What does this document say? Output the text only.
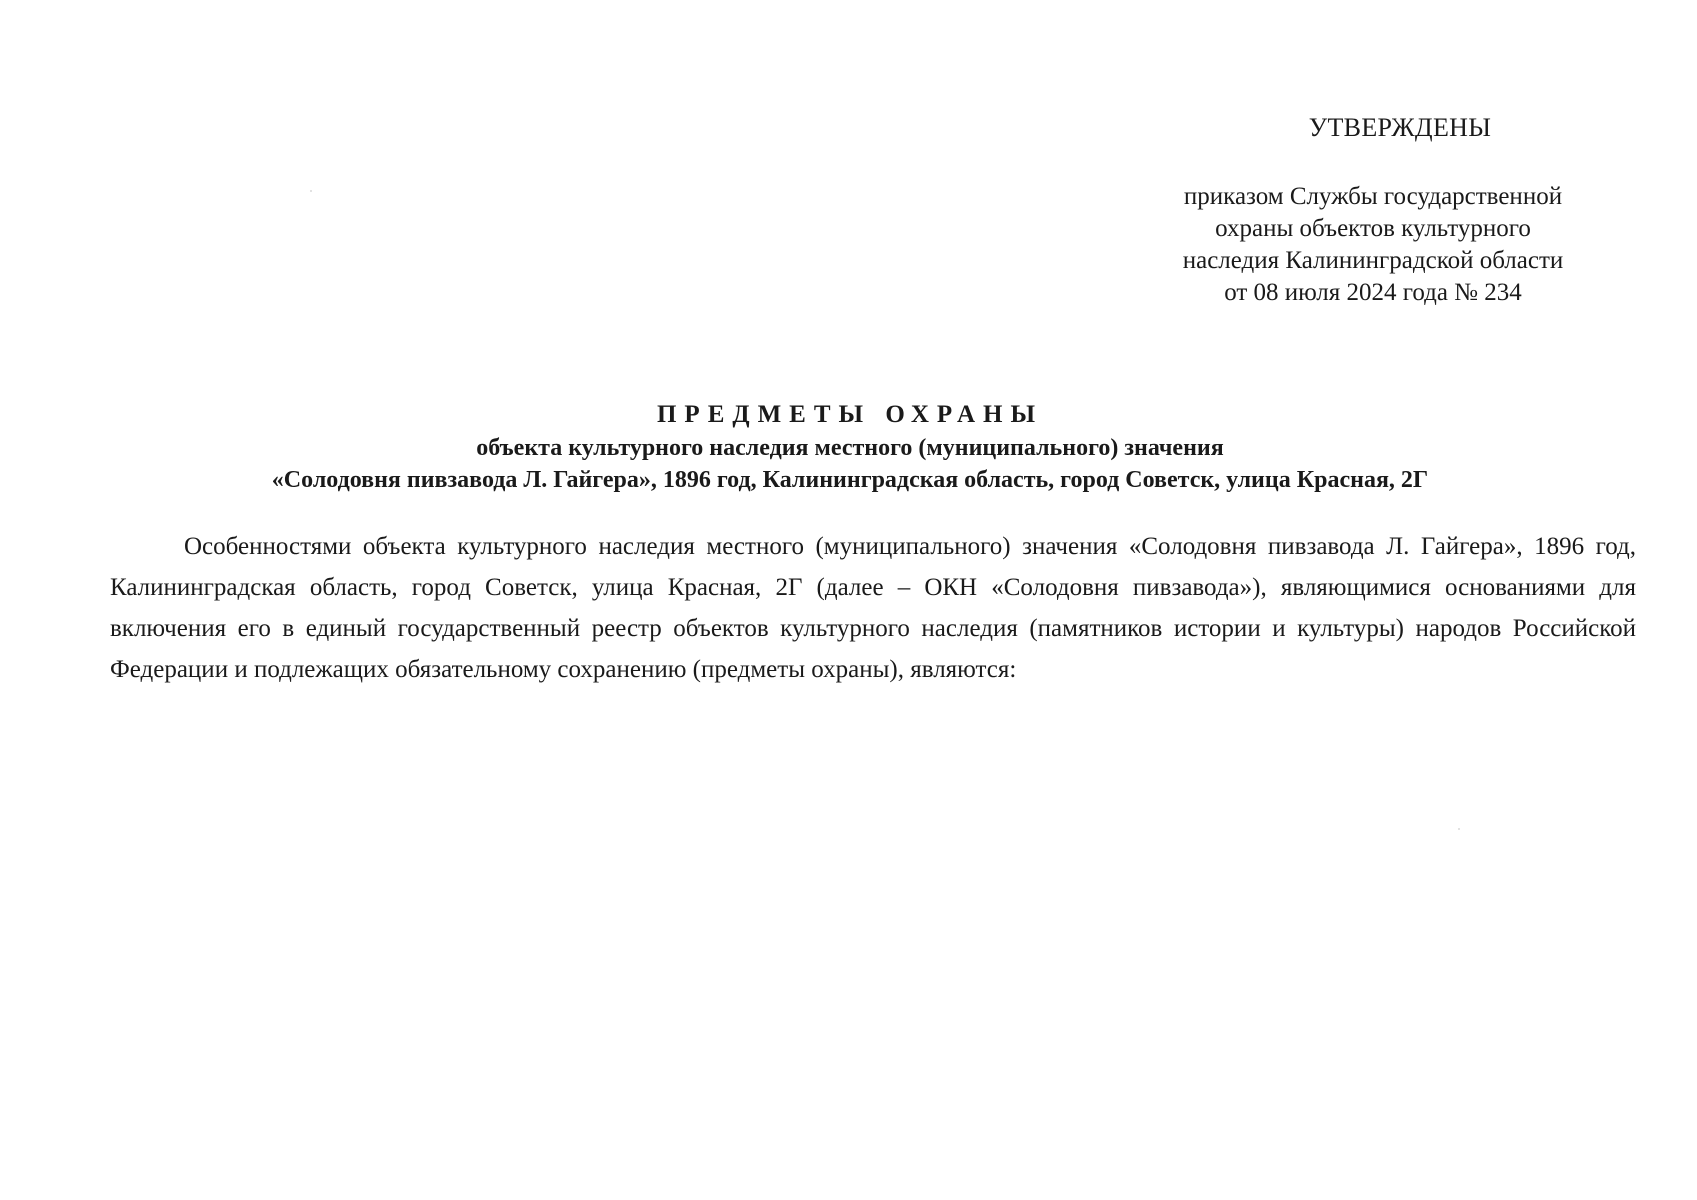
УТВЕРЖДЕНЫ
приказом Службы государственной
охраны объектов культурного
наследия Калининградской области
от 08 июля 2024 года № 234
ПРЕДМЕТЫ ОХРАНЫ
объекта культурного наследия местного (муниципального) значения
«Солодовня пивзавода Л. Гайгера», 1896 год, Калининградская область, город Советск, улица Красная, 2Г

Особенностями объекта культурного наследия местного (муниципального) значения «Солодовня пивзавода Л. Гайгера», 1896 год, Калининградская область, город Советск, улица Красная, 2Г (далее – ОКН «Солодовня пивзавода»), являющимися основаниями для включения его в единый государственный реестр объектов культурного наследия (памятников истории и культуры) народов Российской Федерации и подлежащих обязательному сохранению (предметы охраны), являются:
